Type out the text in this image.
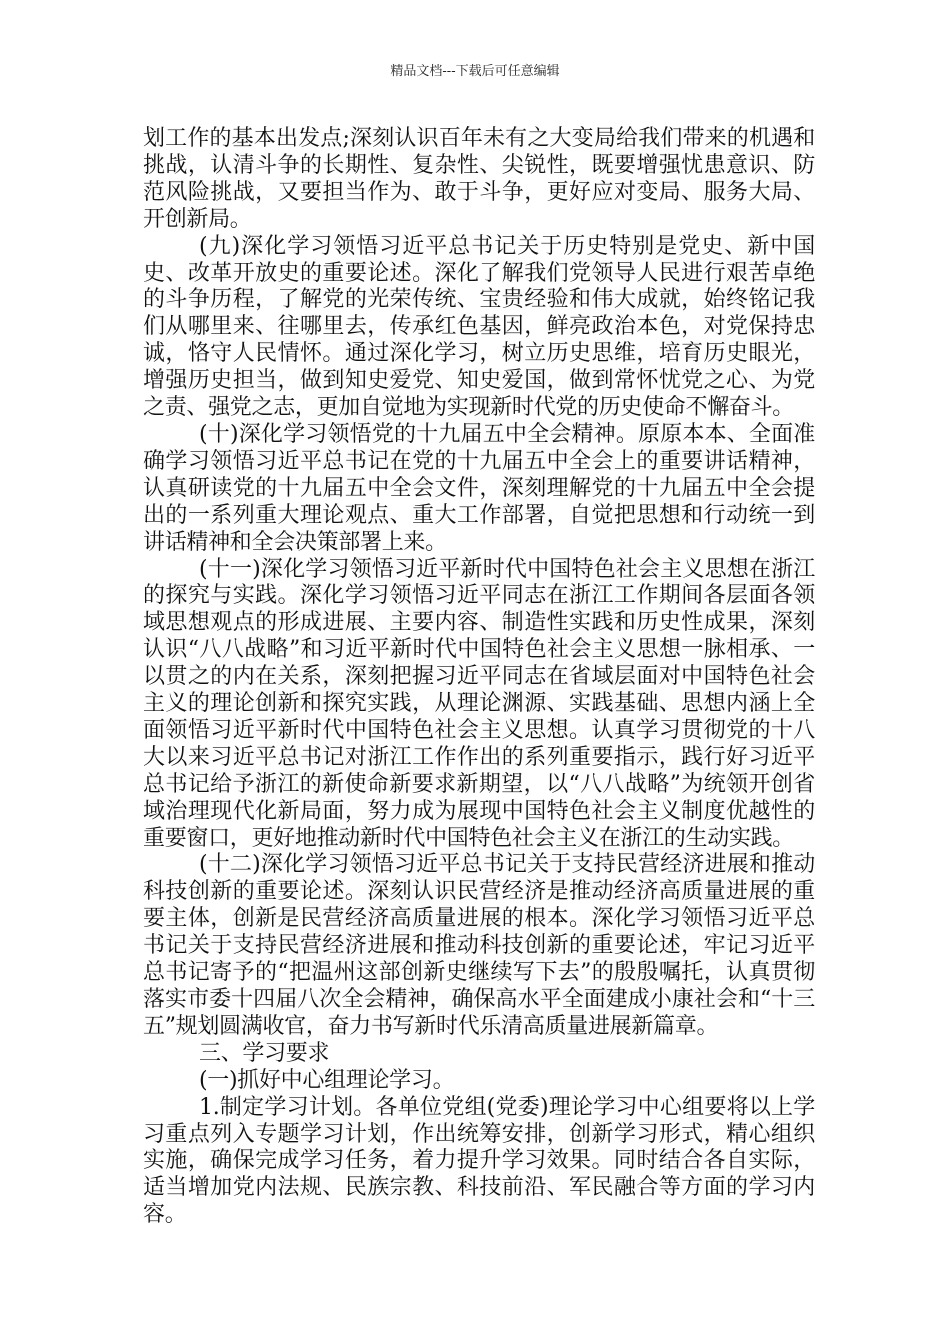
精品文档---下载后可任意编辑

划工作的基本出发点;深刻认识百年未有之大变局给我们带来的机遇和挑战，认清斗争的长期性、复杂性、尖锐性，既要增强忧患意识、防范风险挑战，又要担当作为、敢于斗争，更好应对变局、服务大局、开创新局。

(九)深化学习领悟习近平总书记关于历史特别是党史、新中国史、改革开放史的重要论述。深化了解我们党领导人民进行艰苦卓绝的斗争历程，了解党的光荣传统、宝贵经验和伟大成就，始终铭记我们从哪里来、往哪里去，传承红色基因，鲜亮政治本色，对党保持忠诚，恪守人民情怀。通过深化学习，树立历史思维，培育历史眼光，增强历史担当，做到知史爱党、知史爱国，做到常怀忧党之心、为党之责、强党之志，更加自觉地为实现新时代党的历史使命不懈奋斗。

(十)深化学习领悟党的十九届五中全会精神。原原本本、全面准确学习领悟习近平总书记在党的十九届五中全会上的重要讲话精神，认真研读党的十九届五中全会文件，深刻理解党的十九届五中全会提出的一系列重大理论观点、重大工作部署，自觉把思想和行动统一到讲话精神和全会决策部署上来。

(十一)深化学习领悟习近平新时代中国特色社会主义思想在浙江的探究与实践。深化学习领悟习近平同志在浙江工作期间各层面各领域思想观点的形成进展、主要内容、制造性实践和历史性成果，深刻认识“八八战略”和习近平新时代中国特色社会主义思想一脉相承、一以贯之的内在关系，深刻把握习近平同志在省域层面对中国特色社会主义的理论创新和探究实践，从理论渊源、实践基础、思想内涵上全面领悟习近平新时代中国特色社会主义思想。认真学习贯彻党的十八大以来习近平总书记对浙江工作作出的系列重要指示，践行好习近平总书记给予浙江的新使命新要求新期望，以“八八战略”为统领开创省域治理现代化新局面，努力成为展现中国特色社会主义制度优越性的重要窗口，更好地推动新时代中国特色社会主义在浙江的生动实践。

(十二)深化学习领悟习近平总书记关于支持民营经济进展和推动科技创新的重要论述。深刻认识民营经济是推动经济高质量进展的重要主体，创新是民营经济高质量进展的根本。深化学习领悟习近平总书记关于支持民营经济进展和推动科技创新的重要论述，牢记习近平总书记寄予的“把温州这部创新史继续写下去”的殷殷嘱托，认真贯彻落实市委十四届八次全会精神，确保高水平全面建成小康社会和“十三五”规划圆满收官，奋力书写新时代乐清高质量进展新篇章。

三、学习要求

(一)抓好中心组理论学习。

1.制定学习计划。各单位党组(党委)理论学习中心组要将以上学习重点列入专题学习计划，作出统筹安排，创新学习形式，精心组织实施，确保完成学习任务，着力提升学习效果。同时结合各自实际，适当增加党内法规、民族宗教、科技前沿、军民融合等方面的学习内容。
